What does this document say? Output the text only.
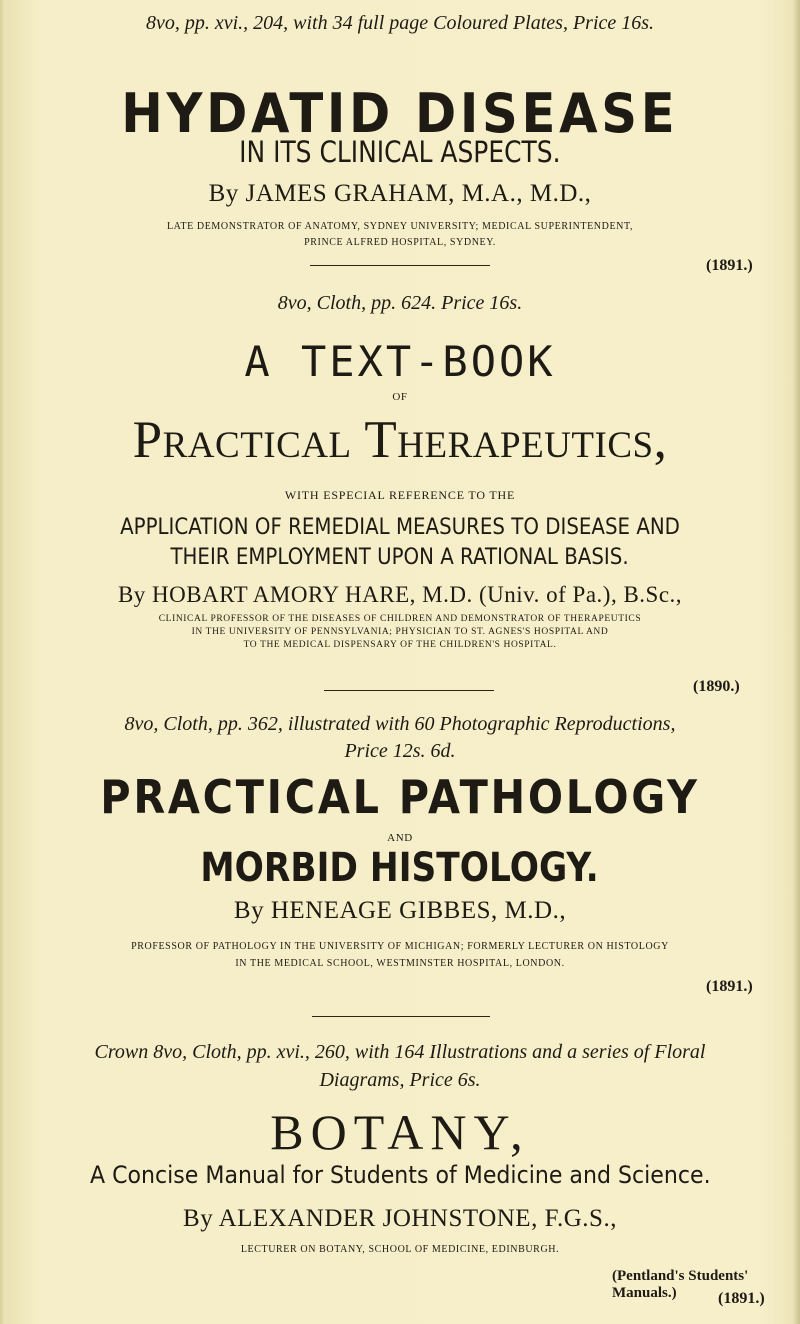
8vo, pp. xvi., 204, with 34 full page Coloured Plates, Price 16s.
HYDATID DISEASE
IN ITS CLINICAL ASPECTS.
By JAMES GRAHAM, M.A., M.D.,
LATE DEMONSTRATOR OF ANATOMY, SYDNEY UNIVERSITY; MEDICAL SUPERINTENDENT,
PRINCE ALFRED HOSPITAL, SYDNEY.
(1891.)
8vo, Cloth, pp. 624. Price 16s.
A TEXT-BOOK
OF
Practical Therapeutics,
WITH ESPECIAL REFERENCE TO THE
APPLICATION OF REMEDIAL MEASURES TO DISEASE AND
THEIR EMPLOYMENT UPON A RATIONAL BASIS.
By HOBART AMORY HARE, M.D. (Univ. of Pa.), B.Sc.,
CLINICAL PROFESSOR OF THE DISEASES OF CHILDREN AND DEMONSTRATOR OF THERAPEUTICS
IN THE UNIVERSITY OF PENNSYLVANIA; PHYSICIAN TO ST. AGNES'S HOSPITAL AND
TO THE MEDICAL DISPENSARY OF THE CHILDREN'S HOSPITAL.
(1890.)
8vo, Cloth, pp. 362, illustrated with 60 Photographic Reproductions,
Price 12s. 6d.
PRACTICAL PATHOLOGY
AND
MORBID HISTOLOGY.
By HENEAGE GIBBES, M.D.,
PROFESSOR OF PATHOLOGY IN THE UNIVERSITY OF MICHIGAN; FORMERLY LECTURER ON HISTOLOGY
IN THE MEDICAL SCHOOL, WESTMINSTER HOSPITAL, LONDON.
(1891.)
Crown 8vo, Cloth, pp. xvi., 260, with 164 Illustrations and a series of Floral
Diagrams, Price 6s.
BOTANY,
A Concise Manual for Students of Medicine and Science.
By ALEXANDER JOHNSTONE, F.G.S.,
LECTURER ON BOTANY, SCHOOL OF MEDICINE, EDINBURGH.
(Pentland's Students' Manuals.)	(1891.)
